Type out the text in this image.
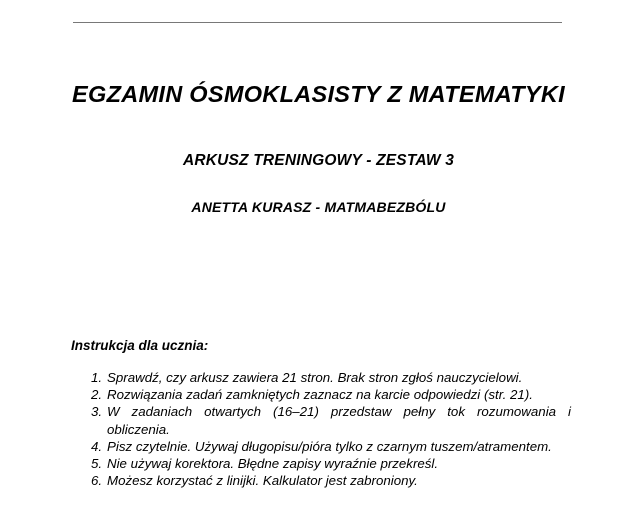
EGZAMIN ÓSMOKLASISTY Z MATEMATYKI
ARKUSZ TRENINGOWY - ZESTAW 3
ANETTA KURASZ - MATMABEZBÓLU
Instrukcja dla ucznia:
1. Sprawdź, czy arkusz zawiera 21 stron. Brak stron zgłoś nauczycielowi.
2. Rozwiązania zadań zamkniętych zaznacz na karcie odpowiedzi (str. 21).
3. W zadaniach otwartych (16–21) przedstaw pełny tok rozumowania i obliczenia.
4. Pisz czytelnie. Używaj długopisu/pióra tylko z czarnym tuszem/atramentem.
5. Nie używaj korektora. Błędne zapisy wyraźnie przekreśl.
6. Możesz korzystać z linijki. Kalkulator jest zabroniony.
